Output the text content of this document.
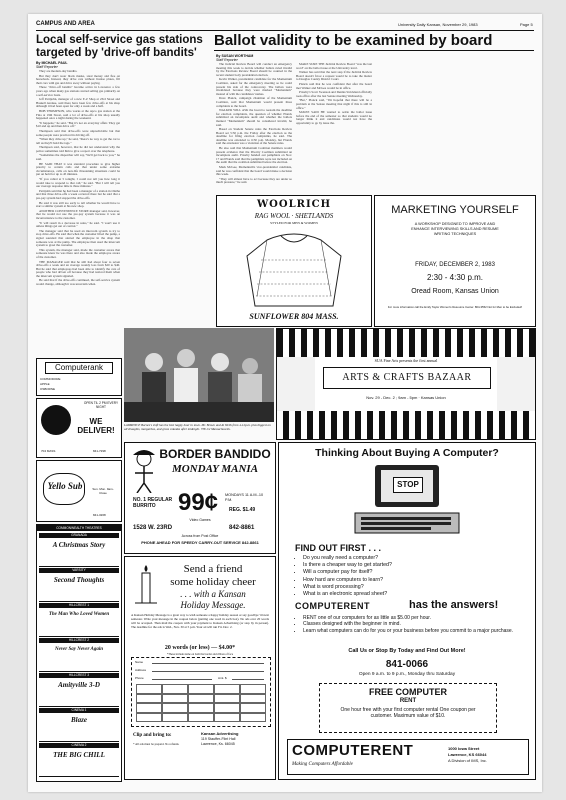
CAMPUS AND AREA	University Daily Kansan, November 29, 1983	Page 5
Local self-service gas stations
targeted by 'drive-off bandits'
By MICHAEL PAUL
Staff Reporter

They are modern-day bandits.

But they don't wear black masks, steal money and flee on horseback. Instead, they drive cars without license plates, fill their cars with gas and drive away without paying.

These "drive-off bandits" became active in Lawrence a few years ago when many gas stations started selling gas primarily on a self-service basis.

Jeff Pettijohn, manager of a new E-Z Shop at 23rd Street and Haskell Avenue, said there have been few drive-offs at his shop although it had been open for only a week and a half.

BOB THOMPSON, who works at the Apco gas station at the Fina at 19th Street, said a lot of drive-offs at his shop usually happened once a night during the weekend.

"It happens," he said. "But it's not an everyday affair. They get $10 and up and then drive off."

Thompson said that drive-offs were unpredictable but that some people were practiced in driving off.

"When they drive up," he said, "there's no way to get the car to tell us they'll hold the tags."

Thompson said, however, that he did not understand why the police sometimes told him to give a report over the telephone.

"Sometimes the dispatcher will say, 'We'll get back to you,'" he said.

HE SAID THAT it was standard procedure to give higher priority to certain calls and that under some extreme circumstances, calls on non-life threatening situations could be put on hold for up to 45 minutes.

"If you called at 5 tonight, I could not tell you how long it would take to respond to that call," he said. "But I will tell you our average response time is three minutes."

Pettijohn said that he had been a manager of a station in Olathe and that three drive-offs a week occurred there but he said that a pre-pay system had stopped the drive-offs.

He said it was still too early to tell whether he would have to start a similar system at his new shop.

ANOTHER CONVENIENCE STORE manager said, however, that he would not use the pre-pay system because it was an inconvenience to the customer.

"It will result in a decrease in sales," he said. "I won't use it unless things get out of control."

The manager said that he used an intercom system to try to stop drive-offs. He said that when the customer lifted the pump, a signal sounded that alerted the employee in the shop that someone was at the pump. The employee then used the intercom system to greet the customer.

This system, the manager said, made the customer aware that someone knew he was there and also made the employee aware of the customer.

THE MANAGER said that he still had about four to seven drive-offs a week and an average weekly loss from $20 to $40. But he said that employees had been able to identify the cars of people who had driven off because they had noticed them when the intercom system signaled.

He said that if the drive-offs continued, the self-service system would change, although it was uncertain when.

Ballot validity to be examined by board
By SUSAN WORTHAM
Staff Reporter

The Judicial Review Board will conduct an emergency meeting this week to decide whether ballots ruled invalid by the Elections Review Board should be counted in the recent student body presidential election.

Kevin Walker, presidential candidate for the Momentum Coalition, asked for the emergency meeting so he could present his side of the controversy. The ballots were invalidated because they were marked "Momentum" instead of with the candidates' names.

Dave Planck, campaign chairman of the Momentum Coalition, said that Momentum would present three complaints to the board.

WALKER WILL ASK the board to reexam the deadline for election complaints, the question of whether Planck submitted an incomplete audit and whether the ballots marked "Momentum" should be considered invalid, he said.

Based on Student Senate rules the Elections Review Board set 5:30 p.m. the Friday after the election as the deadline for filing election complaints, he said. The deadline was extended to 6:30 p.m. Monday, but Planck said the extension was a violation of the Senate rules.

He also said that Momentum Coalition members would present evidence that the Priority Coalition submitted an incomplete audit. Priority handed out pamphlets on Nov. 17 and Planck said that the pamphlets were not included on the audit that the coalition submitted before the election.

Mark McGee, Momentum's vice-presidential candidate, said he was confident that the board would make a decision this week.

"They will almost have to act because they are under so much pressure," he said.

MAKE SURE THE Judicial Review Board "was the last word" on the ballot issue at the University level.

Walker has said that the next step if the Judicial Review Board doesn't favor a request would be to take the matter to Douglas County District Court.

Planck said that he was confident that after the board met Walker and McGee would be in office.

Priority's Scott Swenson and Dennis Strickland officially took office after the last Senate meeting Wednesday.

"But," Planck said, "I'm hopeful that there will be a problem at the Senate meeting that night if this is still in office."

McKEE SAID HE wanted to settle the ballot issue before the end of the semester so that students would no longer think it and candidates would not have the opportunity to go by issue the.

WOOLRICH
RAG WOOL · SHETLANDS
STYLED FOR MEN & WOMEN
SUNFLOWER 804 MASS.
MARKETING YOURSELF
A WORKSHOP DESIGNED TO IMPROVE AND ENHANCE INTERVIEWING SKILLS AND RESUME WRITING TECHNIQUES
FRIDAY, DECEMBER 2, 1983
2:30 - 4:30 p.m.
Oread Room, Kansas Union
For more information call the Emily Taylor Women's Resource Center. 864-3552 Not for Men to be Excluded!
Computerank
COMMODORE
APPLE
OSBORNE
OPEN TIL 2 PM EVERY NIGHT
WE DELIVER!
704 MASS	841-7298
Yello Sub	Sun. Mon. 9am-Close
841-3268
COMMONWEALTH THEATRES
GRANADA
A Christmas Story
VARSITY
Second Thoughts
HILLCREST 1
The Man Who Loved Women
HILLCREST 2
Never Say Never Again
HILLCREST 3
Amityville 3-D
CINEMA 1
Blaze
CINEMA 2
THE BIG CHILL
LAWRENCE Barnes's shift has the best happy hour in town. Mr. Brown and Al Wells from 4-12p.m. plus biggest on all draughts, margaritas, and gross cokedas after midnight. 738 1/2 Massachusetts.
SUA Fine Arts presents the first annual
ARTS & CRAFTS BAZAAR
Nov. 29 - Dec. 2 ; 9am - 5pm · Kansas Union
BORDER BANDIDO
MONDAY MANIA
NO. 1 REGULAR BURRITO 99¢	MONDAYS 11 A.M.-10 P.M.
REG. $1.49
Video Games
1528 W. 23RD	842-8861
Across from Post Office
PHONE AHEAD FOR SPEEDY CARRY-OUT SERVICE 842-8861
Send a friend
some holiday cheer
. . . with a Kansan
Holiday Message.
A Kansan Holiday Message is a great way to wish someone a happy holiday season or say goodbye 'til next semester. Write your message in the coupon below (putting one word in each box). No ads over 20 words will be accepted. Then mail the coupon with your payment to Kansan Advertising (or stop by in person). The deadline for the ads is Wed., Nov. 30 at 5 p.m. Your ad will run Fri. Dec. 2.
20 words (or less) — $4.00*
*These include name on both the border and ribbon of face
Name
Address
Phone	Amt. $
Clip and bring to:
* All ads must be prepaid. No refunds.
Kansan Advertising
119 Stauffer-Flint Hall
Lawrence, Ks. 66045
Thinking About Buying A Computer?
STOP
FIND OUT FIRST . . .
• Do you really need a computer?
• Is there a cheaper way to get started?
• Will a computer pay for itself?
• How hard are computers to learn?
• What is word processing?
• What is an electronic spread sheet?
COMPUTERENT	has the answers!
• RENT one of our computers for as little as $5.00 per hour.
• Classes designed with the beginner in mind.
• Learn what computers can do for you or your business before you commit to a major purchase.
Call Us or Stop By Today and Find Out More!
841-0066
Open 9 a.m. to 9 p.m., Monday thru Saturday
FREE COMPUTER
RENT
One hour free with your first computer rental One coupon per customer. Maximum value of $10.
COMPUTERENT
Making Computers Affordable
1000 Iowa Street
Lawrence, KS 66044
A Division of IMS, Inc.
